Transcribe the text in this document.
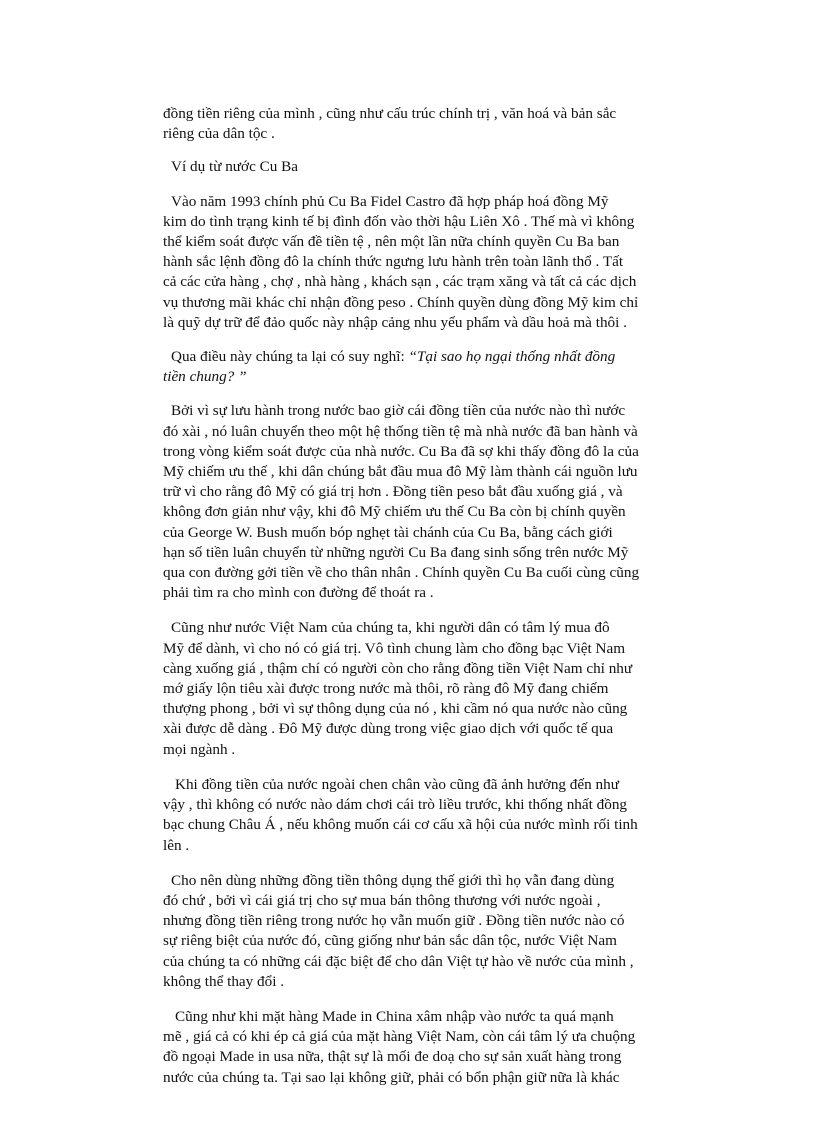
đồng tiền riêng của mình , cũng như cấu trúc chính trị , văn hoá và bản sắc
riêng của dân tộc .
Ví dụ từ nước Cu Ba
Vào năm 1993 chính phủ Cu Ba Fidel Castro đã hợp pháp hoá đồng Mỹ
kim do tình trạng kinh tế bị đình đốn vào thời hậu Liên Xô . Thế mà vì không
thể kiểm soát được vấn đề tiền tệ , nên một lần nữa chính quyền Cu Ba ban
hành sắc lệnh đồng đô la chính thức ngưng lưu hành trên toàn lãnh thổ . Tất
cả các cửa hàng , chợ , nhà hàng , khách sạn , các trạm xăng và tất cả các dịch
vụ thương mãi khác chỉ nhận đồng peso . Chính quyền dùng đồng Mỹ kim chỉ
là quỹ dự trữ để đảo quốc này nhập cảng nhu yếu phẩm và dầu hoả mà thôi .
Qua điều này chúng ta lại có suy nghĩ: “Tại sao họ ngại thống nhất đồng
tiền chung? ”
Bởi vì sự lưu hành trong nước bao giờ cái đồng tiền của nước nào thì nước
đó xài , nó luân chuyển theo một hệ thống tiền tệ mà nhà nước đã ban hành và
trong vòng kiểm soát được của nhà nước. Cu Ba đã sợ khi thấy đồng đô la của
Mỹ chiếm ưu thế , khi dân chúng bắt đầu mua đô Mỹ làm thành cái nguồn lưu
trữ vì cho rằng đô Mỹ có giá trị hơn . Đồng tiền peso bắt đầu xuống giá , và
không đơn giản như vậy, khi đô Mỹ chiếm ưu thế Cu Ba còn bị chính quyền
của George W. Bush muốn bóp nghẹt tài chánh của Cu Ba, bằng cách giới
hạn số tiền luân chuyển từ những người Cu Ba đang sinh sống trên nước Mỹ
qua con đường gởi tiền về cho thân nhân . Chính quyền Cu Ba cuối cùng cũng
phải tìm ra cho mình con đường để thoát ra .
Cũng như nước Việt Nam của chúng ta, khi người dân có tâm lý mua đô
Mỹ để dành, vì cho nó có giá trị. Vô tình chung làm cho đồng bạc Việt Nam
càng xuống giá , thậm chí có người còn cho rằng đồng tiền Việt Nam chỉ như
mớ giấy lộn tiêu xài được trong nước mà thôi, rõ ràng đô Mỹ đang chiếm
thượng phong , bởi vì sự thông dụng của nó , khi cầm nó qua nước nào cũng
xài được dễ dàng . Đô Mỹ được dùng trong việc giao dịch với quốc tế qua
mọi ngành .
Khi đồng tiền của nước ngoài chen chân vào cũng đã ảnh hưởng đến như
vậy , thì không có nước nào dám chơi cái trò liều trước, khi thống nhất đồng
bạc chung Châu Á , nếu không muốn cái cơ cấu xã hội của nước mình rối tinh
lên .
Cho nên dùng những đồng tiền thông dụng thế giới thì họ vẫn đang dùng
đó chứ , bởi vì cái giá trị cho sự mua bán thông thương với nước ngoài ,
nhưng đồng tiền riêng trong nước họ vẫn muốn giữ . Đồng tiền nước nào có
sự riêng biệt của nước đó, cũng giống như bản sắc dân tộc, nước Việt Nam
của chúng ta có những cái đặc biệt để cho dân Việt tự hào về nước của mình ,
không thể thay đổi .
Cũng như khi mặt hàng Made in China xâm nhập vào nước ta quá mạnh
mẽ , giá cả có khi ép cả giá của mặt hàng Việt Nam, còn cái tâm lý ưa chuộng
đồ ngoại Made in usa nữa, thật sự là mối đe doạ cho sự sản xuất hàng trong
nước của chúng ta. Tại sao lại không giữ, phải có bổn phận giữ nữa là khác
